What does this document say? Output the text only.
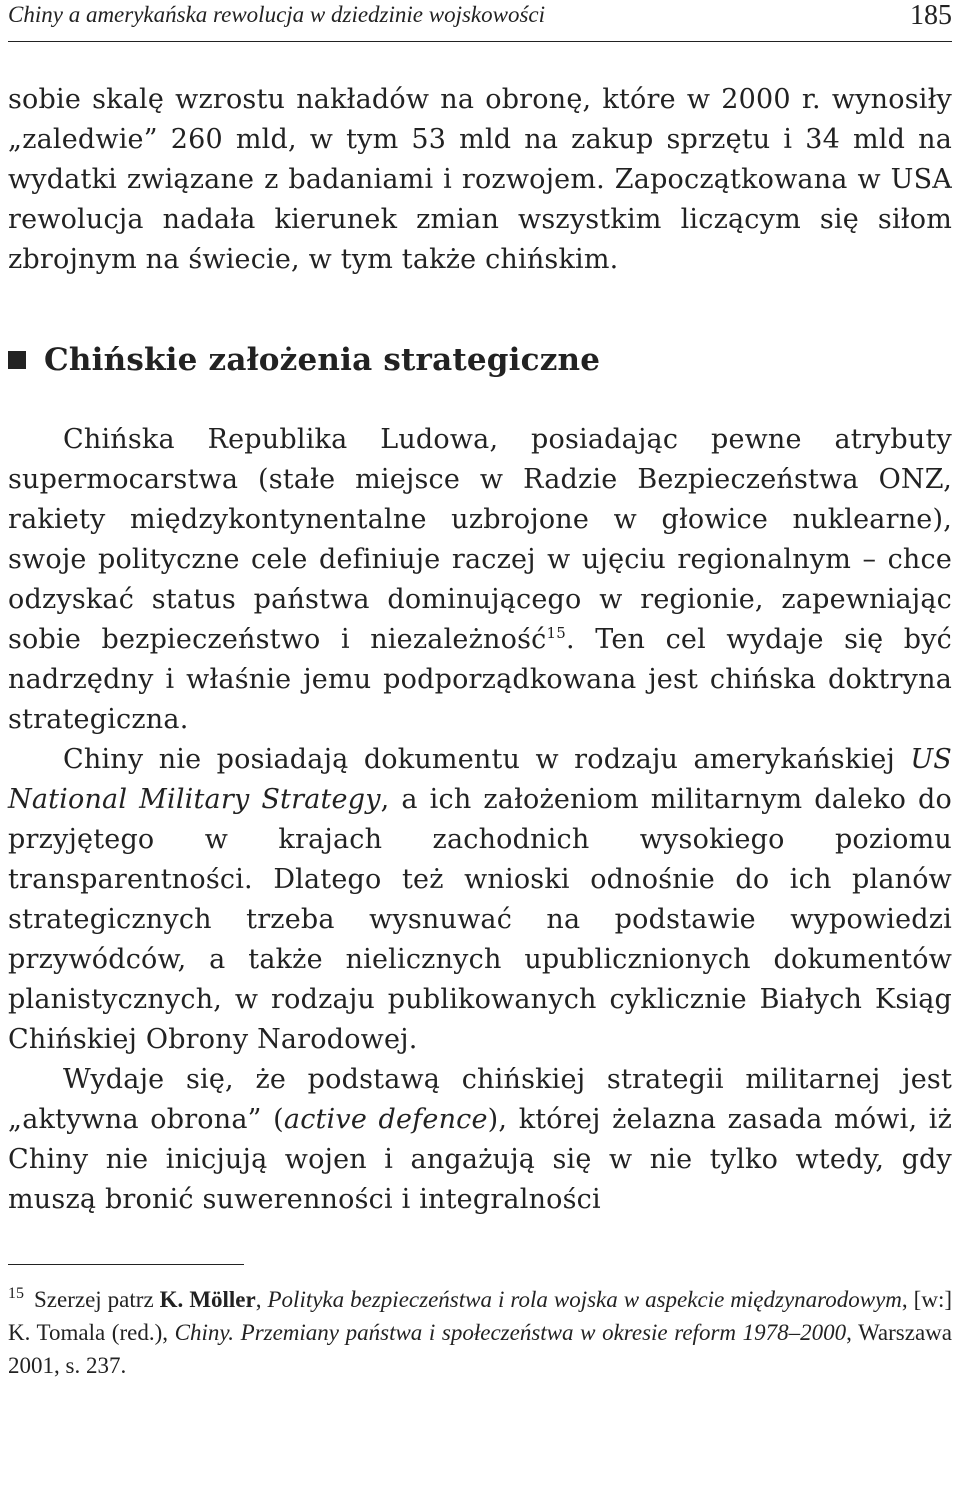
Chiny a amerykańska rewolucja w dziedzinie wojskowości	185

sobie skalę wzrostu nakładów na obronę, które w 2000 r. wynosiły „zaledwie” 260 mld, w tym 53 mld na zakup sprzętu i 34 mld na wydatki związane z badaniami i rozwojem. Zapoczątkowana w USA rewolucja nadała kierunek zmian wszystkim liczącym się siłom zbrojnym na świecie, w tym także chińskim.

Chińskie założenia strategiczne

Chińska Republika Ludowa, posiadając pewne atrybuty supermocarstwa (stałe miejsce w Radzie Bezpieczeństwa ONZ, rakiety międzykontynentalne uzbrojone w głowice nuklearne), swoje polityczne cele definiuje raczej w ujęciu regionalnym – chce odzyskać status państwa dominującego w regionie, zapewniając sobie bezpieczeństwo i niezależność$^{15}$. Ten cel wydaje się być nadrzędny i właśnie jemu podporządkowana jest chińska doktryna strategiczna.

Chiny nie posiadają dokumentu w rodzaju amerykańskiej US National Military Strategy, a ich założeniom militarnym daleko do przyjętego w krajach zachodnich wysokiego poziomu transparentności. Dlatego też wnioski odnośnie do ich planów strategicznych trzeba wysnuwać na podstawie wypowiedzi przywódców, a także nielicznych upublicznionych dokumentów planistycznych, w rodzaju publikowanych cyklicznie Białych Ksiąg Chińskiej Obrony Narodowej.

Wydaje się, że podstawą chińskiej strategii militarnej jest „aktywna obrona” (active defence), której żelazna zasada mówi, iż Chiny nie inicjują wojen i angażują się w nie tylko wtedy, gdy muszą bronić suwerenności i integralności

$^{15}$ Szerzej patrz K. Möller, Polityka bezpieczeństwa i rola wojska w aspekcie międzynarodowym, [w:] K. Tomala (red.), Chiny. Przemiany państwa i społeczeństwa w okresie reform 1978–2000, Warszawa 2001, s. 237.
